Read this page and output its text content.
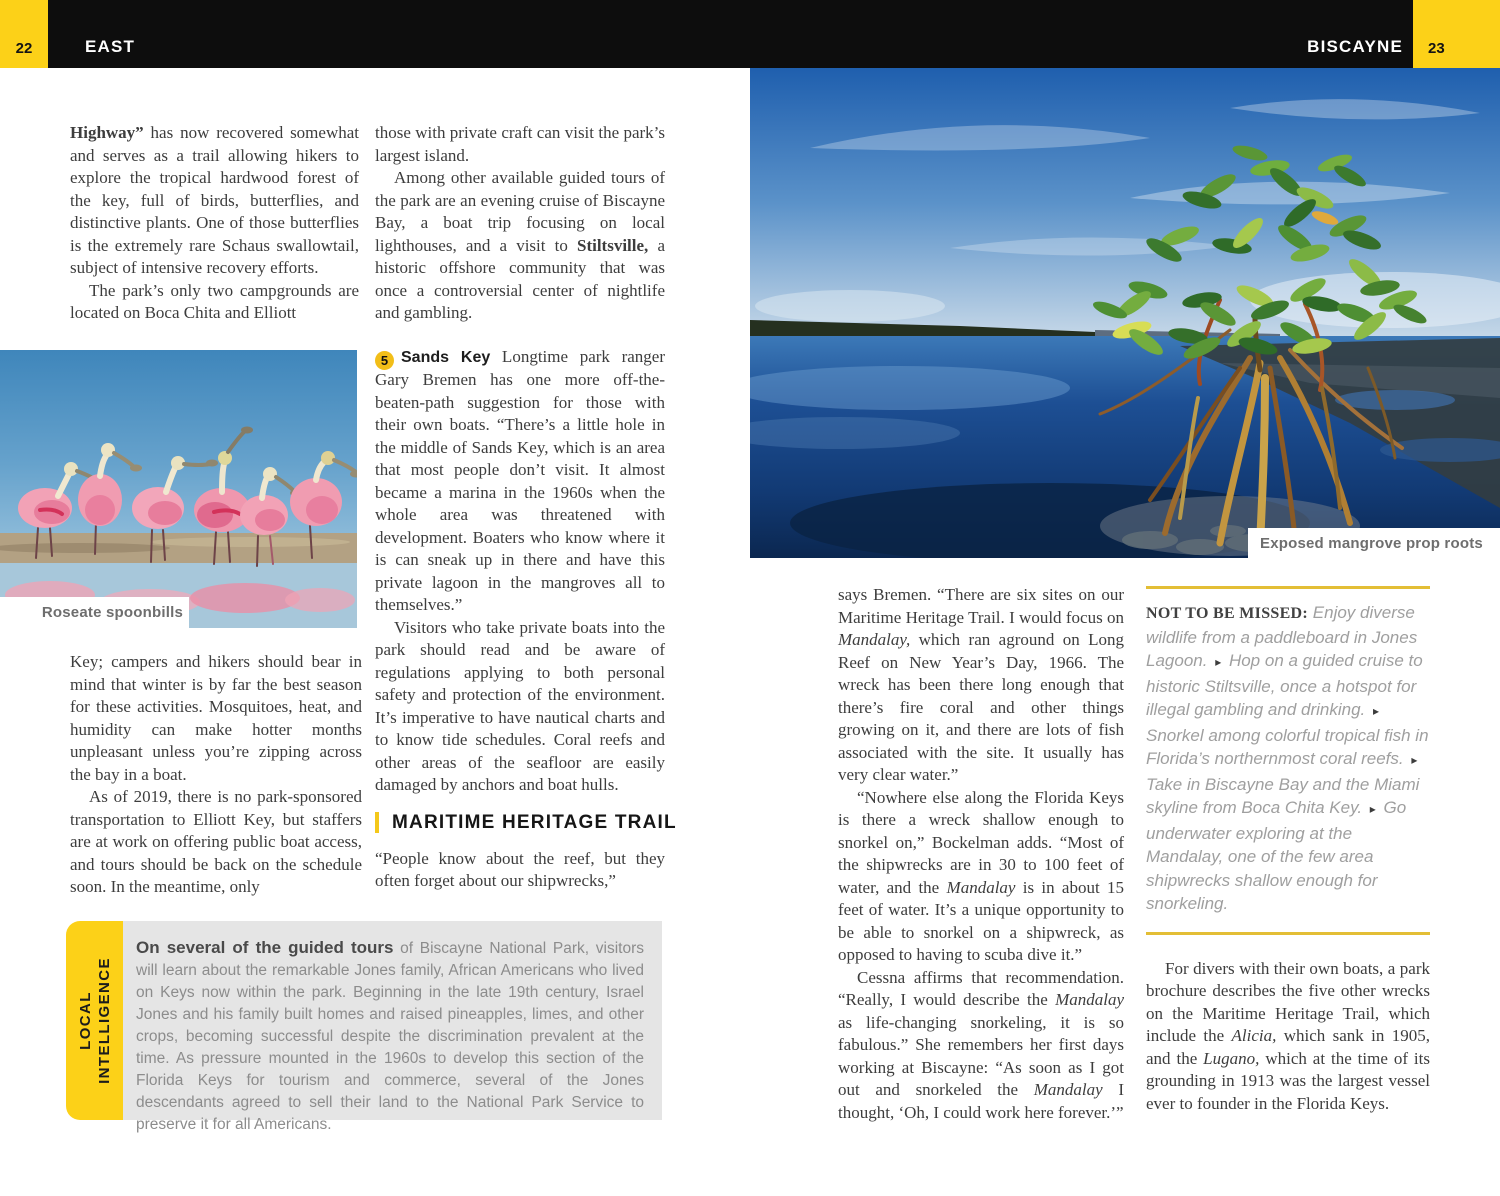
22	EAST	BISCAYNE	23

Highway” has now recovered somewhat and serves as a trail allowing hikers to explore the tropical hardwood forest of the key, full of birds, butterflies, and distinctive plants. One of those butterflies is the extremely rare Schaus swallowtail, subject of intensive recovery efforts.

The park’s only two campgrounds are located on Boca Chita and Elliott

Roseate spoonbills

Key; campers and hikers should bear in mind that winter is by far the best season for these activities. Mosquitoes, heat, and humidity can make hotter months unpleasant unless you’re zipping across the bay in a boat.

As of 2019, there is no park-sponsored transportation to Elliott Key, but staffers are at work on offering public boat access, and tours should be back on the schedule soon. In the meantime, only

those with private craft can visit the park’s largest island.

Among other available guided tours of the park are an evening cruise of Biscayne Bay, a boat trip focusing on local lighthouses, and a visit to Stiltsville, a historic offshore community that was once a controversial center of nightlife and gambling.

5 Sands Key Longtime park ranger Gary Bremen has one more off-the-beaten-path suggestion for those with their own boats. “There’s a little hole in the middle of Sands Key, which is an area that most people don’t visit. It almost became a marina in the 1960s when the whole area was threatened with development. Boaters who know where it is can sneak up in there and have this private lagoon in the mangroves all to themselves.”

Visitors who take private boats into the park should read and be aware of regulations applying to both personal safety and protection of the environment. It’s imperative to have nautical charts and to know tide schedules. Coral reefs and other areas of the seafloor are easily damaged by anchors and boat hulls.

MARITIME HERITAGE TRAIL

“People know about the reef, but they often forget about our shipwrecks,”

LOCAL INTELLIGENCE
On several of the guided tours of Biscayne National Park, visitors will learn about the remarkable Jones family, African Americans who lived on Keys now within the park. Beginning in the late 19th century, Israel Jones and his family built homes and raised pineapples, limes, and other crops, becoming successful despite the discrimination prevalent at the time. As pressure mounted in the 1960s to develop this section of the Florida Keys for tourism and commerce, several of the Jones descendants agreed to sell their land to the National Park Service to preserve it for all Americans.
Exposed mangrove prop roots

says Bremen. “There are six sites on our Maritime Heritage Trail. I would focus on Mandalay, which ran aground on Long Reef on New Year’s Day, 1966. The wreck has been there long enough that there’s fire coral and other things growing on it, and there are lots of fish associated with the site. It usually has very clear water.”

“Nowhere else along the Florida Keys is there a wreck shallow enough to snorkel on,” Bockelman adds. “Most of the shipwrecks are in 30 to 100 feet of water, and the Mandalay is in about 15 feet of water. It’s a unique opportunity to be able to snorkel on a shipwreck, as opposed to having to scuba dive it.”

Cessna affirms that recommendation. “Really, I would describe the Mandalay as life-changing snorkeling, it is so fabulous.” She remembers her first days working at Biscayne: “As soon as I got out and snorkeled the Mandalay I thought, ‘Oh, I could work here forever.’”

NOT TO BE MISSED: Enjoy diverse wildlife from a paddleboard in Jones Lagoon. ▸ Hop on a guided cruise to historic Stiltsville, once a hotspot for illegal gambling and drinking. ▸ Snorkel among colorful tropical fish in Florida’s northernmost coral reefs. ▸ Take in Biscayne Bay and the Miami skyline from Boca Chita Key. ▸ Go underwater exploring at the Mandalay, one of the few area shipwrecks shallow enough for snorkeling.

For divers with their own boats, a park brochure describes the five other wrecks on the Maritime Heritage Trail, which include the Alicia, which sank in 1905, and the Lugano, which at the time of its grounding in 1913 was the largest vessel ever to founder in the Florida Keys.
